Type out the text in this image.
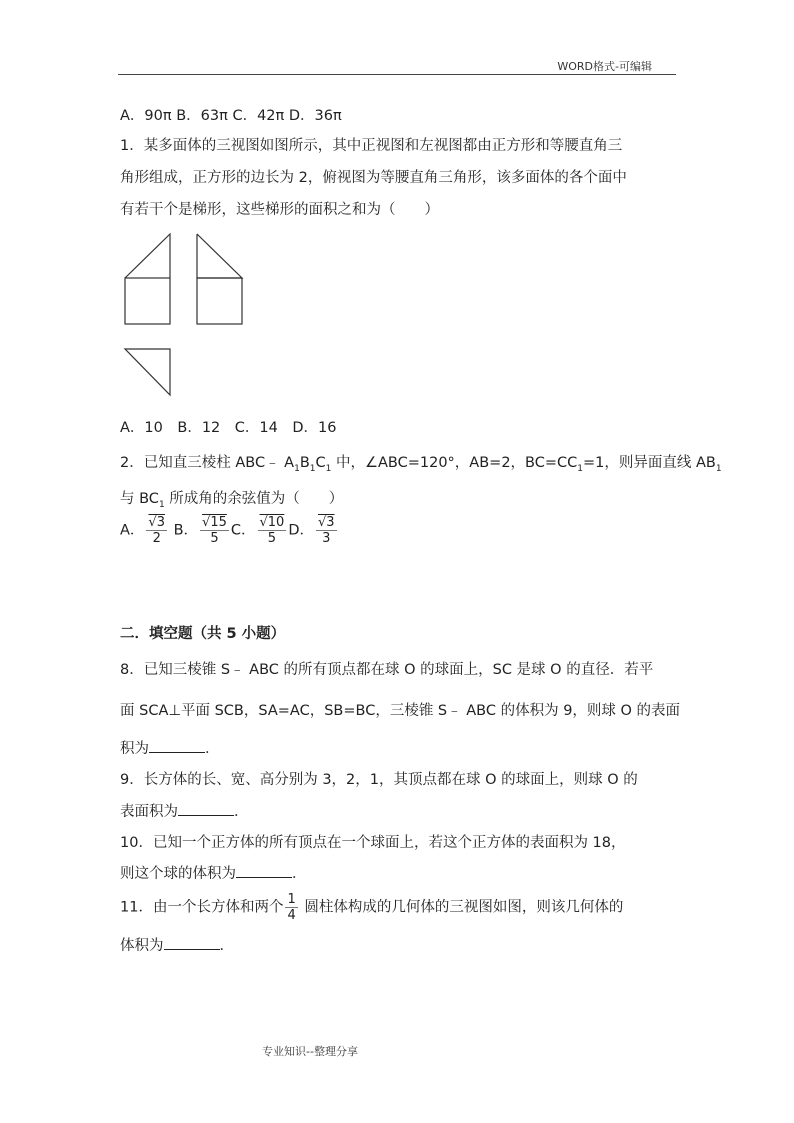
WORD格式-可编辑
A．90π B．63π C．42π D．36π
1．某多面体的三视图如图所示，其中正视图和左视图都由正方形和等腰直角三
角形组成，正方形的边长为 2，俯视图为等腰直角三角形，该多面体的各个面中
有若干个是梯形，这些梯形的面积之和为（　　）
A．10　B．12　C．14　D．16
2．已知直三棱柱 ABC﹣ $A_1B_1C_1$ 中，∠ABC=120°，AB=2，$BC=CC_1=1$，则异面直线 $AB_1$
与 $BC_1$ 所成角的余弦值为（　　）
A． $\frac{√3}{2}$ B． $\frac{√15}{5}$ C． $\frac{√10}{5}$ D． $\frac{√3}{3}$
二．填空题（共 5 小题）
8．已知三棱锥 S﹣ ABC 的所有顶点都在球 O 的球面上，SC 是球 O 的直径．若平
面 SCA⊥平面 SCB，SA=AC，SB=BC，三棱锥 S﹣ ABC 的体积为 9，则球 O 的表面
积为	．
9．长方体的长、宽、高分别为 3，2，1，其顶点都在球 O 的球面上，则球 O 的
表面积为	．
10．已知一个正方体的所有顶点在一个球面上，若这个正方体的表面积为 18，
则这个球的体积为	．
11．由一个长方体和两个 $\frac{1}{4}$ 圆柱体构成的几何体的三视图如图，则该几何体的
体积为	．
专业知识--整理分享
